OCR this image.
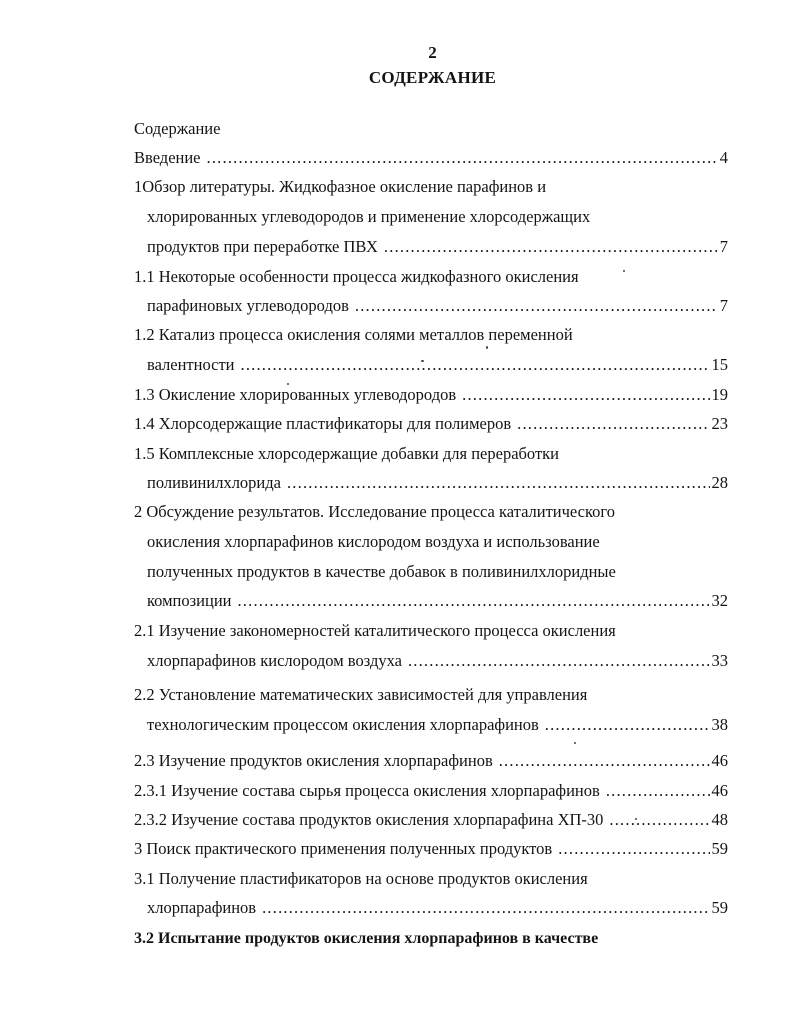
2
СОДЕРЖАНИЕ
Содержание
Введение .....	4
1Обзор литературы. Жидкофазное окисление парафинов и
хлорированных углеводородов и применение хлорсодержащих
продуктов при переработке ПВХ .....	7
1.1 Некоторые особенности процесса жидкофазного окисления
парафиновых углеводородов .....	7
1.2 Катализ процесса окисления солями металлов переменной
валентности .....	15
1.3 Окисление хлорированных углеводородов .....	19
1.4 Хлорсодержащие пластификаторы для полимеров .....	23
1.5 Комплексные хлорсодержащие добавки для переработки
поливинилхлорида .....	28
2 Обсуждение результатов. Исследование процесса каталитического
окисления хлорпарафинов кислородом воздуха и использование
полученных продуктов в качестве добавок в поливинилхлоридные
композиции .....	32
2.1 Изучение закономерностей каталитического процесса окисления
хлорпарафинов кислородом воздуха .....	33
2.2 Установление математических зависимостей для управления
технологическим процессом окисления хлорпарафинов .....	38
2.3 Изучение продуктов окисления хлорпарафинов .....	46
2.3.1 Изучение состава сырья процесса окисления хлорпарафинов .....	46
2.3.2 Изучение состава продуктов окисления хлорпарафина ХП-30 .....	48
3 Поиск практического применения полученных продуктов .....	59
3.1 Получение пластификаторов на основе продуктов окисления
хлорпарафинов .....	59
3.2 Испытание продуктов окисления хлорпарафинов в качестве
